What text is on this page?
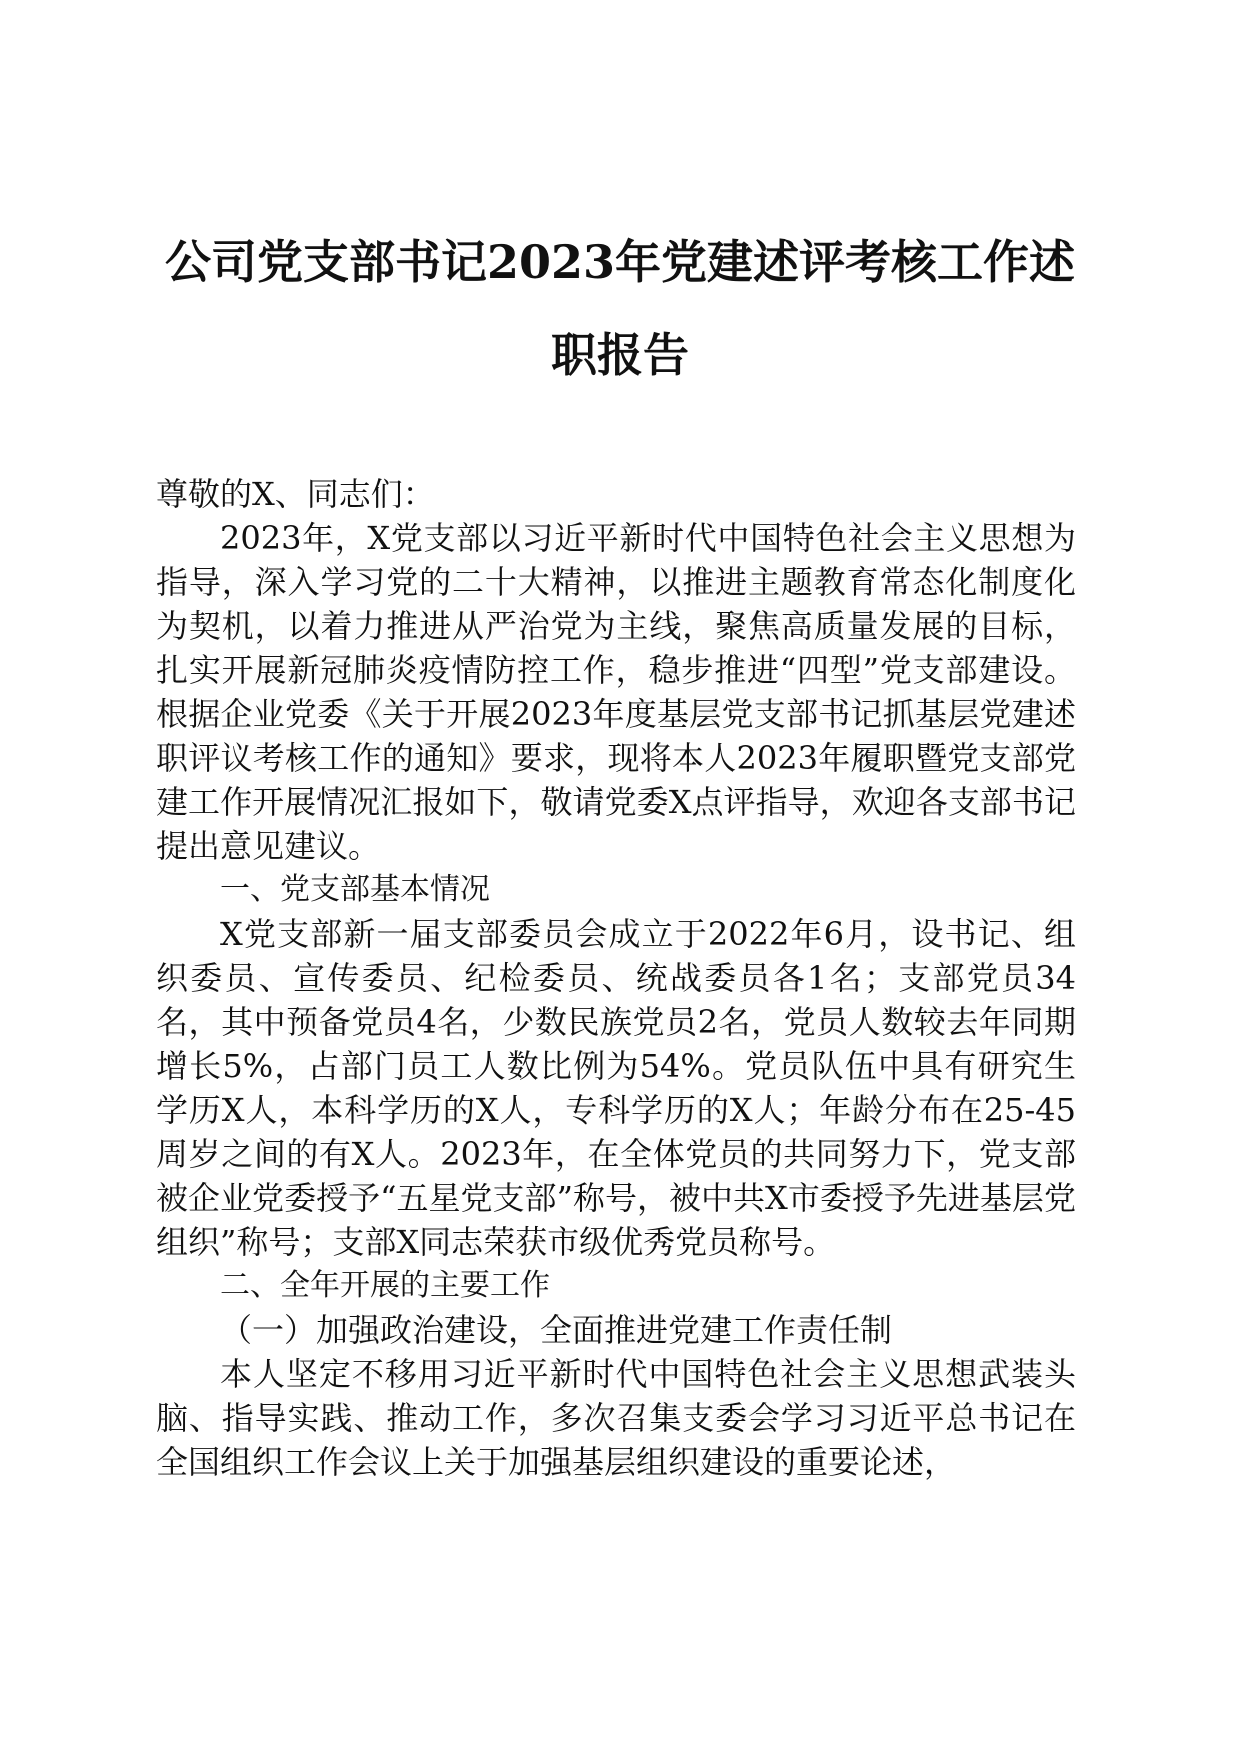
公司党支部书记2023年党建述评考核工作述
职报告

尊敬的X、同志们：

2023年，X党支部以习近平新时代中国特色社会主义思想为指导，深入学习党的二十大精神，以推进主题教育常态化制度化为契机，以着力推进从严治党为主线，聚焦高质量发展的目标，扎实开展新冠肺炎疫情防控工作，稳步推进“四型”党支部建设。根据企业党委《关于开展2023年度基层党支部书记抓基层党建述职评议考核工作的通知》要求，现将本人2023年履职暨党支部党建工作开展情况汇报如下，敬请党委X点评指导，欢迎各支部书记提出意见建议。

一、党支部基本情况

X党支部新一届支部委员会成立于2022年6月，设书记、组织委员、宣传委员、纪检委员、统战委员各1名；支部党员34名，其中预备党员4名，少数民族党员2名，党员人数较去年同期增长5%，占部门员工人数比例为54%。党员队伍中具有研究生学历X人，本科学历的X人，专科学历的X人；年龄分布在25-45周岁之间的有X人。2023年，在全体党员的共同努力下，党支部被企业党委授予“五星党支部”称号，被中共X市委授予先进基层党组织”称号；支部X同志荣获市级优秀党员称号。

二、全年开展的主要工作

（一）加强政治建设，全面推进党建工作责任制

本人坚定不移用习近平新时代中国特色社会主义思想武装头脑、指导实践、推动工作，多次召集支委会学习习近平总书记在全国组织工作会议上关于加强基层组织建设的重要论述，
